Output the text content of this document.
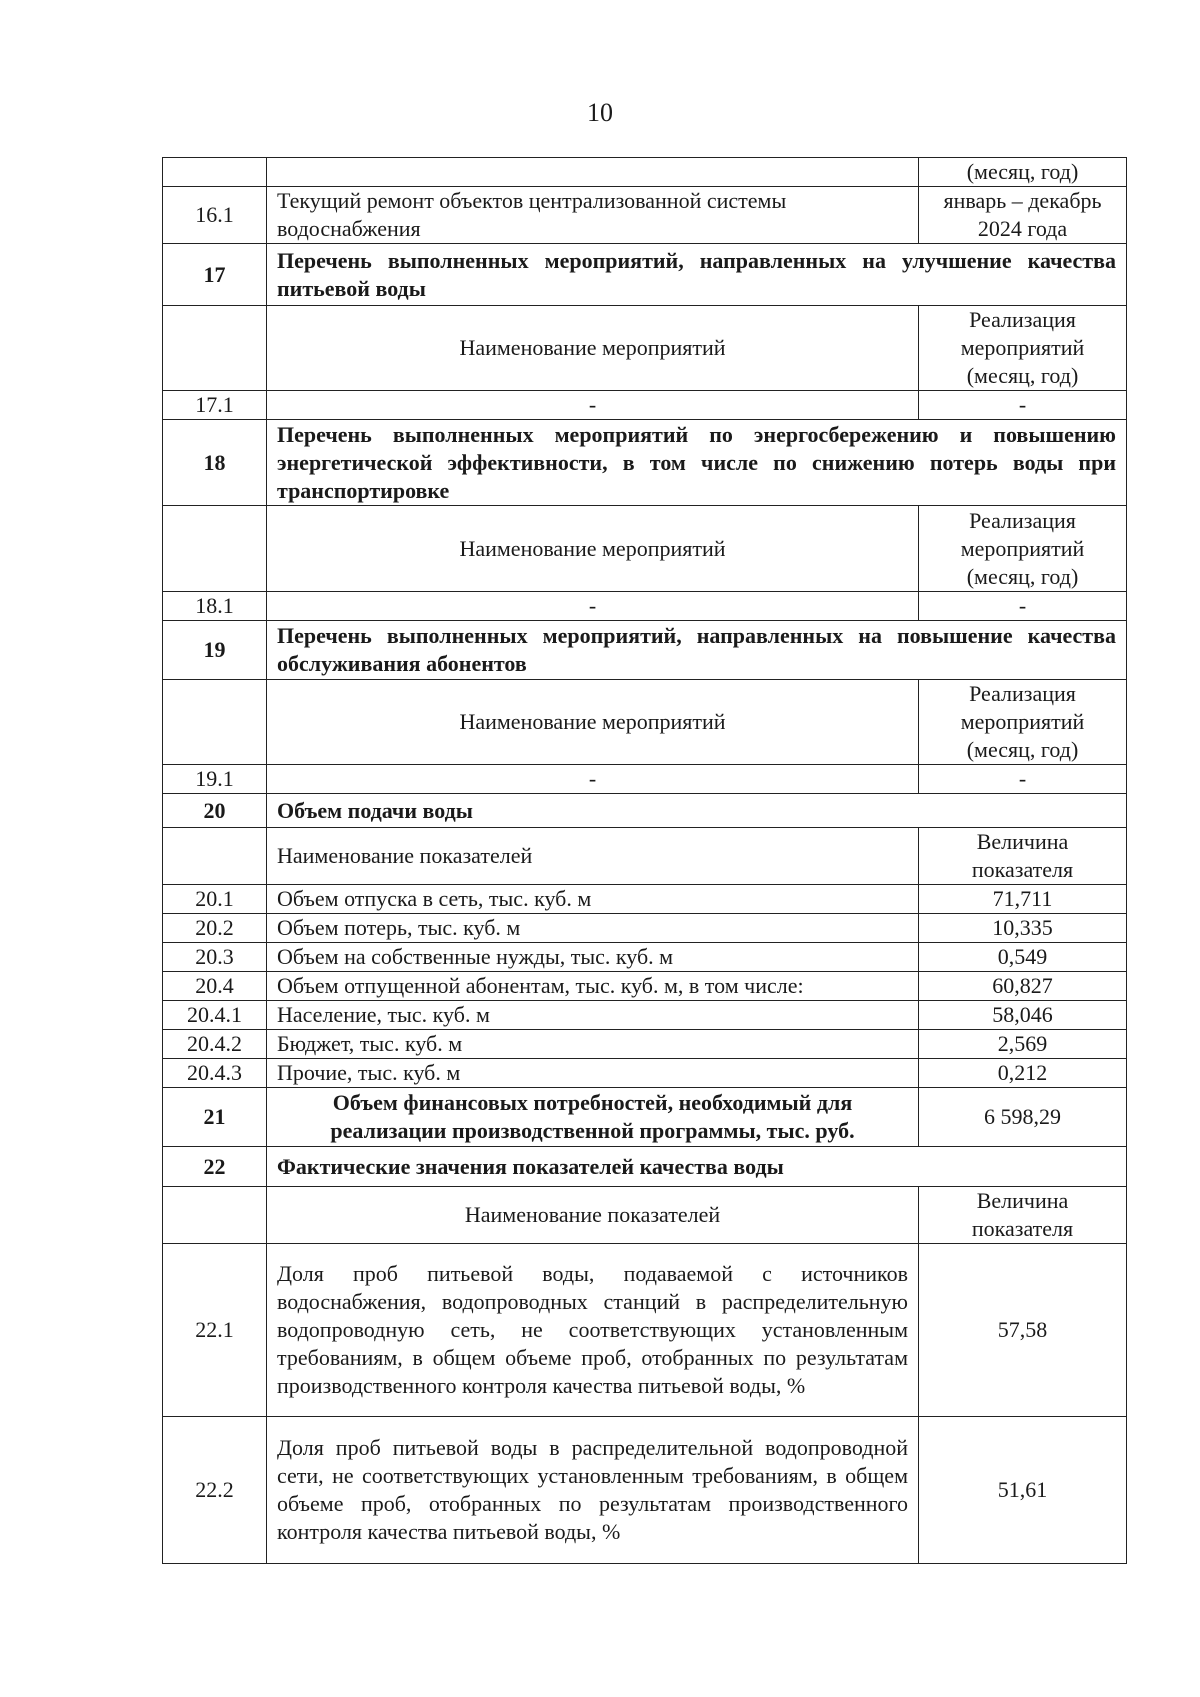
10
		(месяц, год)
16.1	Текущий ремонт объектов централизованной системы водоснабжения	январь – декабрь 2024 года
17	Перечень выполненных мероприятий, направленных на улучшение качества питьевой воды	
	Наименование мероприятий	Реализация мероприятий (месяц, год)
17.1	-	-
18	Перечень выполненных мероприятий по энергосбережению и повышению энергетической эффективности, в том числе по снижению потерь воды при транспортировке	
	Наименование мероприятий	Реализация мероприятий (месяц, год)
18.1	-	-
19	Перечень выполненных мероприятий, направленных на повышение качества обслуживания абонентов	
	Наименование мероприятий	Реализация мероприятий (месяц, год)
19.1	-	-
20	Объем подачи воды	
	Наименование показателей	Величина показателя
20.1	Объем отпуска в сеть, тыс. куб. м	71,711
20.2	Объем потерь, тыс. куб. м	10,335
20.3	Объем на собственные нужды, тыс. куб. м	0,549
20.4	Объем отпущенной абонентам, тыс. куб. м, в том числе:	60,827
20.4.1	Население, тыс. куб. м	58,046
20.4.2	Бюджет, тыс. куб. м	2,569
20.4.3	Прочие, тыс. куб. м	0,212
21	Объем финансовых потребностей, необходимый для реализации производственной программы, тыс. руб.	6 598,29
22	Фактические значения показателей качества воды	
	Наименование показателей	Величина показателя
22.1	Доля проб питьевой воды, подаваемой с источников водоснабжения, водопроводных станций в распределительную водопроводную сеть, не соответствующих установленным требованиям, в общем объеме проб, отобранных по результатам производственного контроля качества питьевой воды, %	57,58
22.2	Доля проб питьевой воды в распределительной водопроводной сети, не соответствующих установленным требованиям, в общем объеме проб, отобранных по результатам производственного контроля качества питьевой воды, %	51,61
